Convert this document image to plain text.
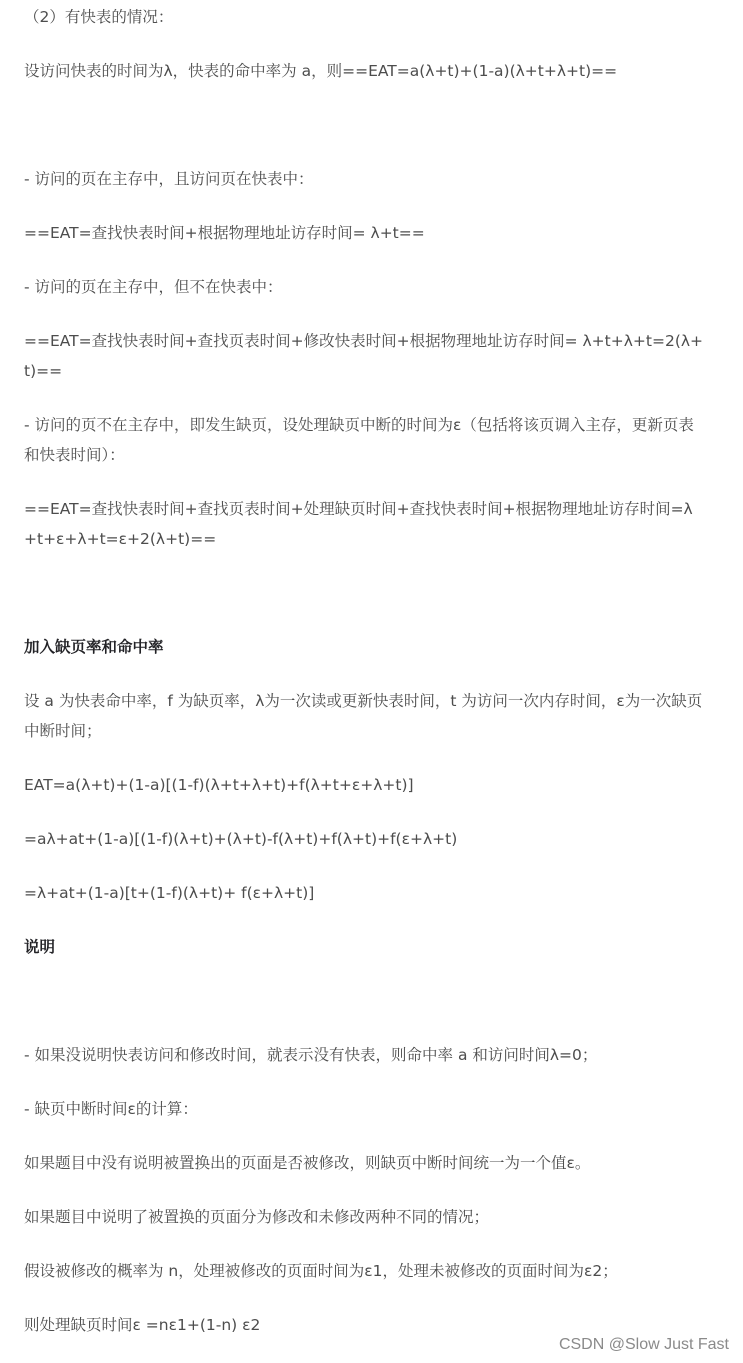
（2）有快表的情况：

设访问快表的时间为λ，快表的命中率为 a，则==EAT=a(λ+t)+(1-a)(λ+t+λ+t)==

- 访问的页在主存中，且访问页在快表中：

==EAT=查找快表时间+根据物理地址访存时间= λ+t==

- 访问的页在主存中，但不在快表中：

==EAT=查找快表时间+查找页表时间+修改快表时间+根据物理地址访存时间= λ+t+λ+t=2(λ+t)==

- 访问的页不在主存中，即发生缺页，设处理缺页中断的时间为ε（包括将该页调入主存，更新页表和快表时间）：

==EAT=查找快表时间+查找页表时间+处理缺页时间+查找快表时间+根据物理地址访存时间=λ+t+ε+λ+t=ε+2(λ+t)==

加入缺页率和命中率

设 a 为快表命中率，f 为缺页率，λ为一次读或更新快表时间，t 为访问一次内存时间，ε为一次缺页中断时间；

EAT=a(λ+t)+(1-a)[(1-f)(λ+t+λ+t)+f(λ+t+ε+λ+t)]

=aλ+at+(1-a)[(1-f)(λ+t)+(λ+t)-f(λ+t)+f(λ+t)+f(ε+λ+t)

=λ+at+(1-a)[t+(1-f)(λ+t)+ f(ε+λ+t)]

说明

- 如果没说明快表访问和修改时间，就表示没有快表，则命中率 a 和访问时间λ=0；

- 缺页中断时间ε的计算：

如果题目中没有说明被置换出的页面是否被修改，则缺页中断时间统一为一个值ε。

如果题目中说明了被置换的页面分为修改和未修改两种不同的情况；

假设被修改的概率为 n，处理被修改的页面时间为ε1，处理未被修改的页面时间为ε2；

则处理缺页时间ε =nε1+(1-n) ε2

CSDN @Slow Just Fast
